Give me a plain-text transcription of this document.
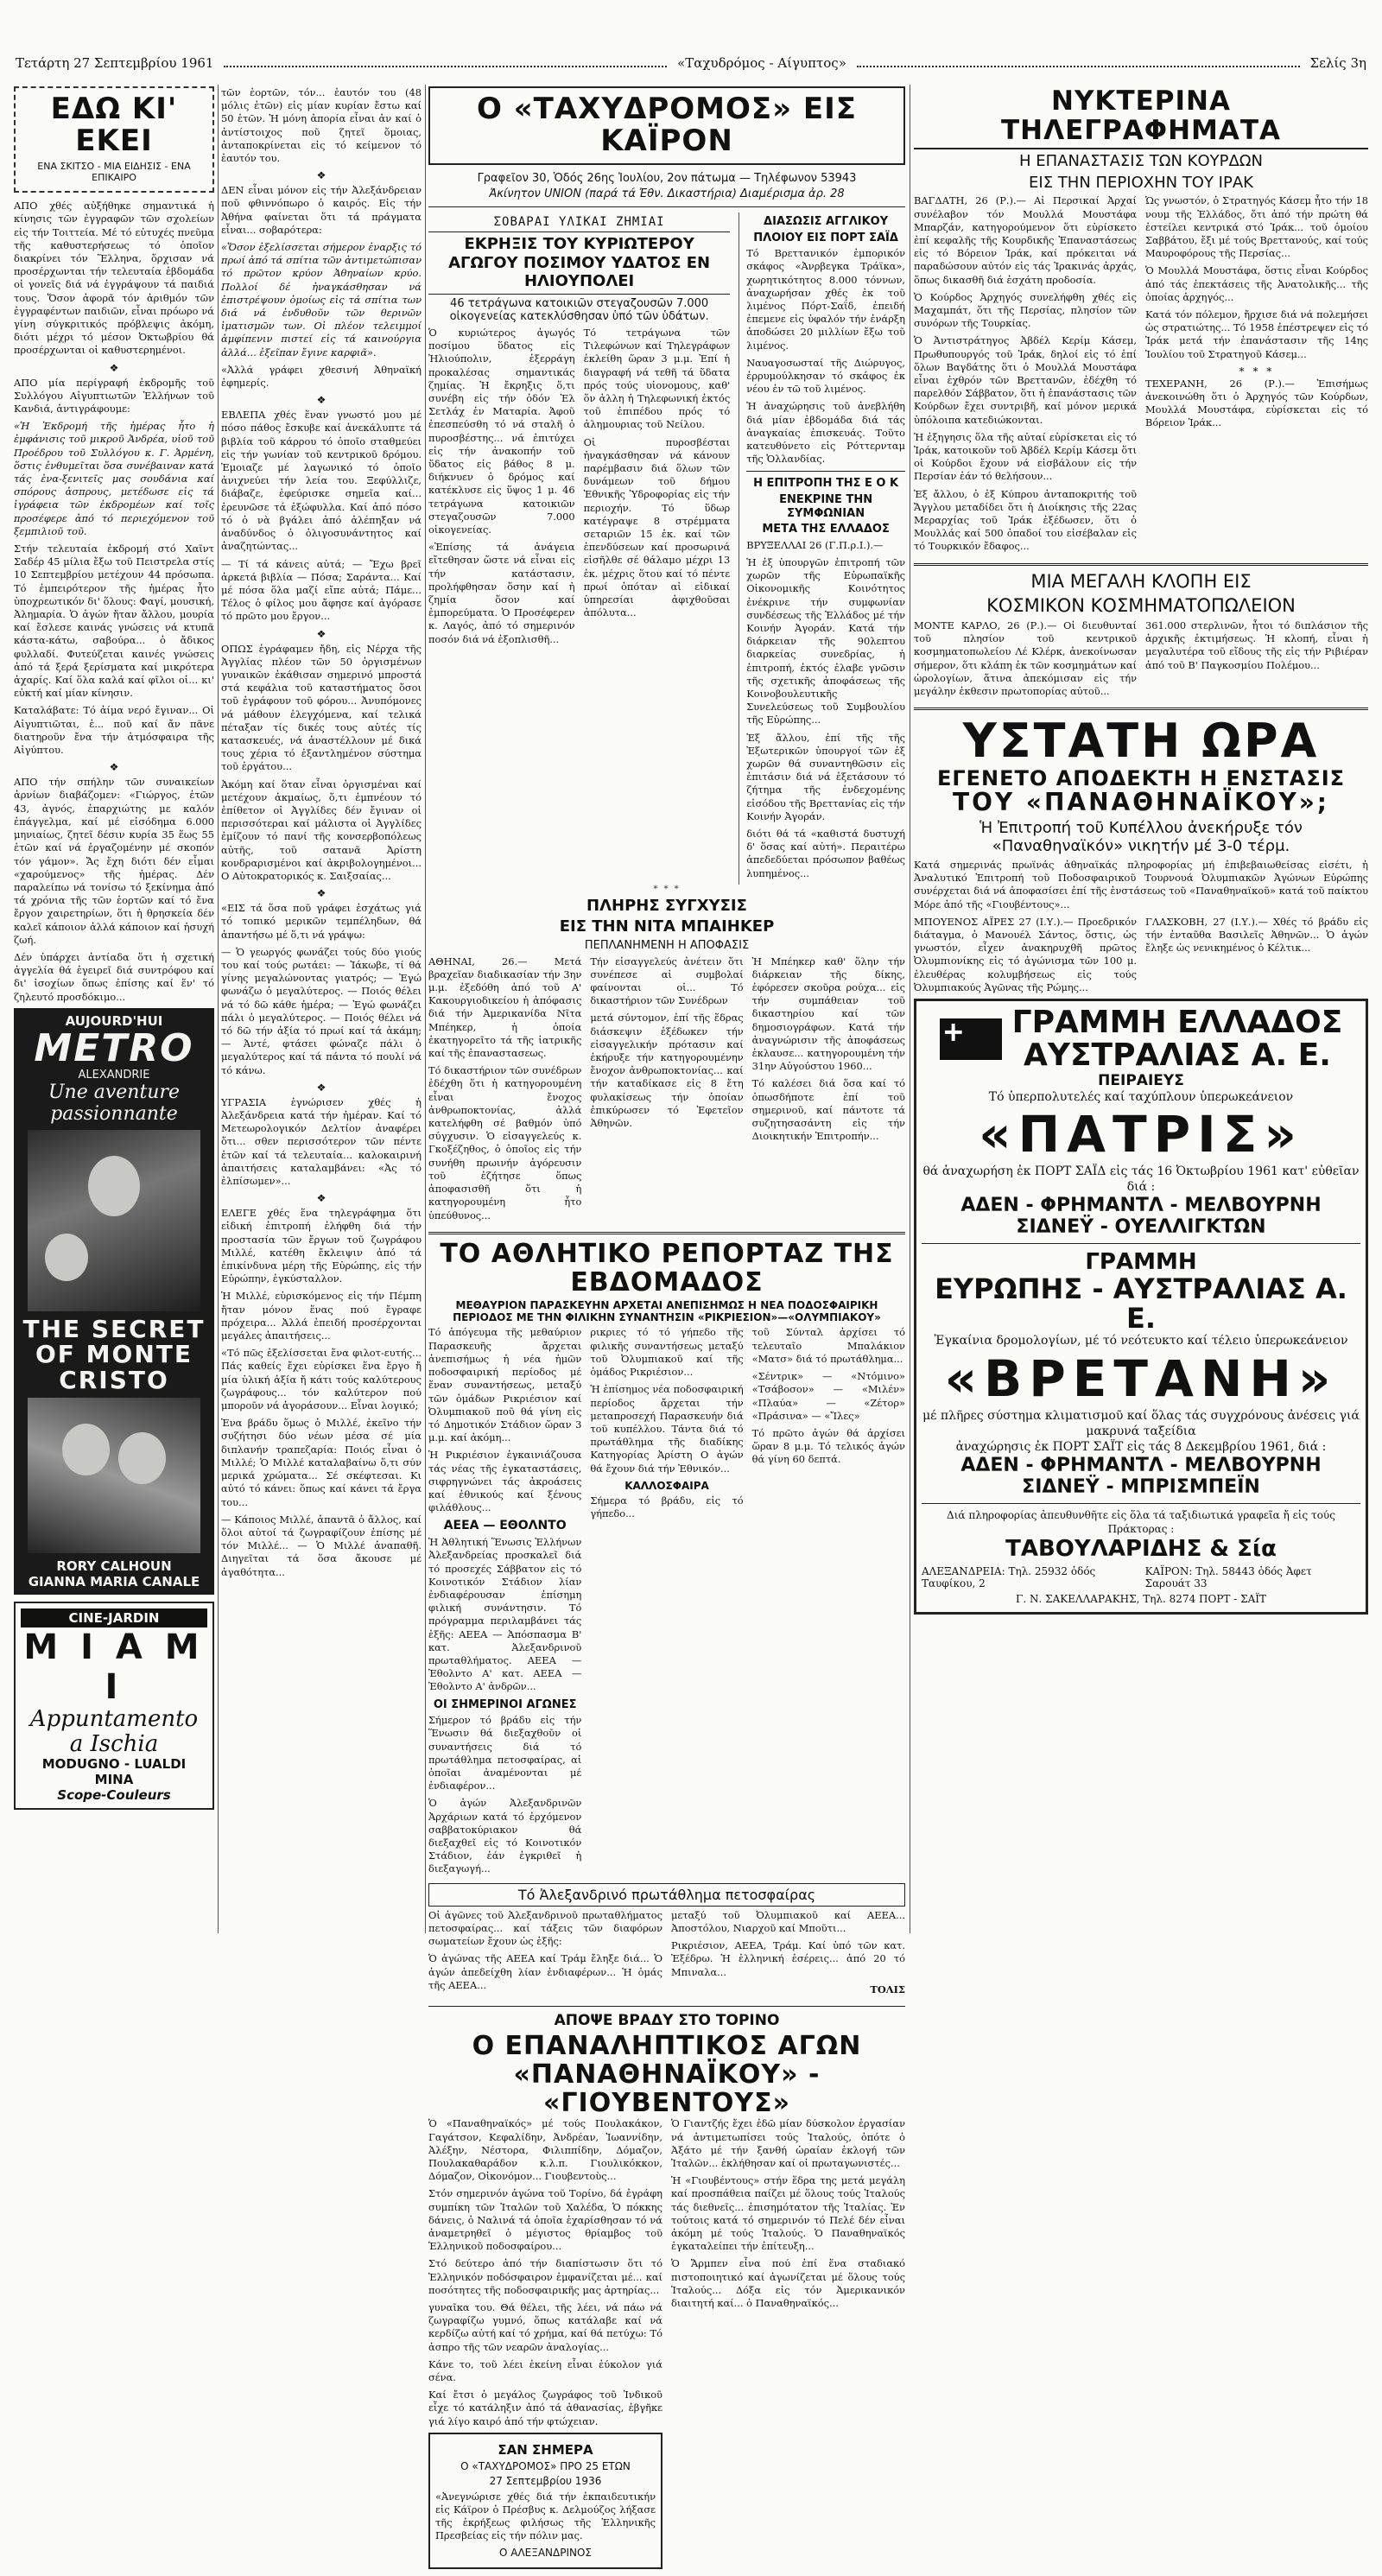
Τετάρτη 27 Σεπτεμβρίου 1961	«Ταχυδρόμος - Αίγυπτος»	Σελίς 3η
ΕΔΩ ΚΙ' ΕΚΕΙ
ΕΝΑ ΣΚΙΤΣΟ - ΜΙΑ ΕΙΔΗΣΙΣ - ΕΝΑ ΕΠΙΚΑΙΡΟ

ΑΠΟ χθές αὐξήθηκε σημαντικά ἡ κίνησις τῶν ἐγγραφῶν τῶν σχολείων εἰς τήν Τοιττεία. Μέ τό εὐτυχές πνεῦμα τῆς καθυστερήσεως τό ὁποῖον διακρίνει τόν Ἕλληνα, ὅρχισαν νά προσέρχωνται τήν τελευταία ἑβδομάδα οἱ γονεῖς διά νά ἐγγράψουν τά παιδιά τους. Ὅσον ἀφορᾶ τόν ἀριθμόν τῶν ἐγγραφέντων παιδιῶν, εἶναι πρόωρο νά γίνη σύγκριτικός πρόβλεψις ἀκόμη, διότι μέχρι τό μέσον Ὀκτωβρίου θά προσέρχωνται οἱ καθυστερημένοι.

❖

ΑΠΟ μία περίγραφή ἐκδρομῆς τοῦ Συλλόγου Αἰγυπτιωτῶν Ἑλλήνων τοῦ Κανδιά, ἀντιγράφουμε:

«Ἡ Ἐκδρομή τῆς ἡμέρας ἦτο ἡ ἐμφάνισις τοῦ μικροῦ Ἀνδρέα, υἱοῦ τοῦ Προέδρου τοῦ Συλλόγου κ. Γ. Ἀρμένη, ὅστις ἐνθυμεῖται ὅσα συνέβαιναν κατά τάς ἐνα-ξενιτεῖς μας σουδάνια καί σπόρους ἀσπρους, μετέδωσε εἰς τά ἱγράφεια τῶν ἐκδρομέων καί τοῖς προσέφερε ἀπό τό περιεχόμενον τοῦ ξεμπιλιοῦ τοῦ.

Στήν τελευταία ἐκδρομή στό Χαῖντ Σαδέρ 45 μίλια ἔξω τοῦ Πειστρελα στίς 10 Σεπτεμβρίου μετέχουν 44 πρόσωπα. Τό ἐμπειρότερον τῆς ἡμέρας ἦτο ὑποχρεωτικόν δι' ὅλους: Φαγί, μουσική, Ἀλημαρία. Ὁ ἀγών ἤταν ἄλλου, μουρία καί ἔσλεσε καινάς γνώσεις νά κτυπᾶ κάστα-κάτω, σαβούρα... ὁ ἄδικος φυλλαδί. Φυτεύζεται καινές γνώσεις ἀπό τά ξερά ξερίσματα καί μικρότερα ἀχαρίς. Καί ὅλα καλά καί φῖλοι οἱ... κι' εὐκτή καί μίαν κίνησιν.

Καταλάβατε: Τό ἀίμα νερό ἔγιναν... Οἱ Αἰγυπτιῶται, ἐ... ποῦ καί ἄν πᾶνε διατηροῦν ἔνα τήν ἀτμόσφαιρα τῆς Αἰγύπτου.

❖

ΑΠΟ τήν σπήλην τῶν συναικείων ἀρνίων διαβάζομεν: «Γιώργος, ἐτῶν 43, ἀγνός, ἐπαρχιώτης με καλόν ἐπάγγελμα, καί μέ εἰσόδημα 6.000 μηνιαίως, ζητεῖ δέσιν κυρία 35 ἕως 55 ἐτῶν καί νά ἐργαζομένην μέ σκοπόν τόν γάμον». Ἄς ἔχη διότι δέν εἶμαι «χαρούμενος» τῆς ἡμέρας. Δέν παραλείπω νά τονίσω τό ξεκίνημα ἀπό τά χρόνια τῆς τῶν ἑορτῶν καί τό ἔνα ἔργον χαιρετηρίων, ὅτι ἡ θρησκεία δέν καλεῖ κάποιον ἀλλά κάποιον καί ἡσυχή ζωή.

Δέν ὑπάρχει ἀντίαδα ὅτι ἡ σχετική ἀγγελία θά ἐγειρεῖ διά συντρόφου καί δι' ἰσοχίων ὅπως ἐπίσης καί ἕν' τό ζηλευτό προσδόκιμο...

AUJOURD'HUI
METRO
ALEXANDRIE
Une aventure passionnante
THE SECRET OF MONTE CRISTO
RORY CALHOUN
GIANNA MARIA CANALE
CINE-JARDIN
M I A M I
Appuntamento a Ischia
MODUGNO - LUALDI
MINA
Scope-Couleurs

τῶν ἑορτῶν, τόν... ἑαυτόν του (48 μόλις ἐτῶν) εἰς μίαν κυρίαν ἔστω καί 50 ἐτῶν. Ἡ μόνη ἀπορία εἶναι ἀν καί ὁ ἀντίστοιχος ποῦ ζητεῖ ὅμοιας, ἀνταποκρίνεται εἰς τό κείμενον τό ἑαυτόν του.

❖

ΔΕΝ εἶναι μόνον εἰς τήν Ἀλεξάνδρειαν ποῦ φθιννόπωρο ὁ καιρός. Εἰς τήν Ἀθήνα φαίνεται ὅτι τά πράγματα εἶναι... σοβαρότερα:

«Ὅσον ἐξελίσσεται σήμερον ἐναρξις τό πρωί ἀπό τά σπίτια τῶν ἀντιμετώπισαν τό πρῶτον κρύον Ἀθηναίων κρύο. Πολλοί δέ ἠναγκάσθησαν νά ἐπιστρέψουν ὁμοίως εἰς τά σπίτια των διά νά ἐνδυθοῦν τῶν θερινῶν ἱματισμῶν των. Οἱ πλέον τελειμμοί ἀμφίπενιν πιστεί εἰς τά καινούργια ἀλλά... ἐξεῖπαν ἔγινε καρφιᾶ».

«Ἀλλά γράφει χθεσινή Ἀθηναϊκή ἐφημερίς.

❖

ΕΒΛΕΠΑ χθές ἕναν γνωστό μου μέ πόσο πάθος ἔσκυβε καί ἀνεκάλυπτε τά βιβλία τοῦ κάρρου τό ὁποῖο σταθμεύει εἰς τήν γωνίαν τοῦ κεντρικοῦ δρόμου. Ἐμοιαζε μέ λαγωνικό τό ὁποῖο ἀνιχνεύει τήν λεία του. Ξεφύλλιζε, διάβαζε, ἐφεύρισκε σημεῖα καί... ἐρευνῶσε τά ἐξώφυλλα. Καί ἀπό πόσο τό ὀ νὰ βγάλει ἀπό ἀλέπηξαν νά ἀναδύνδος ὁ ὀλιγοσυνάντητος καί ἀναζητώντας...

— Τί τά κάνεις αὐτά; — Ἔχω βρεῖ ἀρκετά βιβλία — Πόσα; Σαράντα... Καί μέ πόσα ὅλα μαζί εἴπε αὐτά; Πάμε... Τέλος ὁ φίλος μου ἄφησε καί ἀγόρασε τό πρῶτο μου ἔργον...

❖

ΟΠΩΣ ἐγράφαμεν ἤδη, εἰς Νέρχα τῆς Ἀγγλίας πλέον τῶν 50 ὀργισμένων γυναικῶν ἐκάθισαν σημερινό μπροστά στά κεφάλια τοῦ καταστήματος ὅσοι τοῦ ἐγράφουν τοῦ φόρου... Ἀνυπόμονες νά μάθουν ἐλεγχόμενα, καί τελικά πέταξαν τίς δικές τους αὐτές τίς κατασκευές, νά ἀναστέλλουν μέ δικά τους χέρια τό ἐξαντλημένον σύστημα τοῦ ἐργάτου...

Ἀκόμη καί ὅταν εἶναι ὀργισμέναι καί μετέχουν ἀκμαίως, ὅ,τι ἐμπνέουν τό ἐπίθετον οἱ Ἀγγλίδες δέν ἔγιναν οἱ περισσότεραι καί μάλιστα οἱ Ἀγγλίδες ἐμίζουν τό πανί τῆς κονσερβοπόλεως αὐτῆς, τοῦ σατανᾶ Ἀρίστη κονδραρισμένοι καί ἀκριβολογημένοι... Ο Αὐτοκρατορικός κ. Σαιξσαίας...

❖

«ΕΙΣ τά ὅσα ποῦ γράφει ἐσχάτως γιά τό τοπικό μερικῶν τεμπέληδων, θά ἀπαντήσω μέ ὅ,τι νά γράψω:

— Ὁ γεωργός φωνάζει τούς δύο γιούς του καί τούς ρωτάει: — Ἰάκωβε, τί θά γίνης μεγαλώνοντας γιατρός; — Ἐγώ φωνάζω ὁ μεγαλύτερος. — Ποιός θέλει νά τό δῶ κάθε ἡμέρα; — Ἐγώ φωνάζει πάλι ὁ μεγαλύτερος. — Ποιός θέλει νά τό δῶ τήν ἀξία τό πρωί καί τά ἀκάμη; — Ἀντέ, φτάσει φώναζε πάλι ὁ μεγαλύτερος καί τά πάντα τό πουλί νά τό κάνω.

❖

ΥΓΡΑΣΙΑ ἐγνώρισεν χθές ἡ Ἀλεξάνδρεια κατά τήν ἡμέραν. Καί τό Μετεωρολογικόν Δελτίον ἀναφέρει ὅτι... σθεν περισσότερον τῶν πέντε ἐτῶν καί τά τελευταία... καλοκαιρινή ἀπαιτήσεις καταλαμβάνει: «Ἀς τό ἐλπίσωμεν»...

❖

ΕΛΕΓΕ χθές ἕνα τηλεγράφημα ὅτι εἰδική ἐπιτροπή ἐλήφθη διά τήν προστασία τῶν ἔργων τοῦ ζωγράφου Μιλλέ, κατέθη ἔκλειψιν ἀπό τά ἐπικίνδυνα μέρη τῆς Εὐρώπης, εἰς τήν Εὐρώπην, ἐγκύσταλλον.

Ἡ Μιλλέ, εὑρισκόμενος εἰς τήν Πέμπη ἤταν μόνον ἕνας πού ἔγραφε πρόχειρα... Ἀλλά ἐπειδή προσέρχονται μεγάλες ἀπαιτήσεις...

«Τό πῶς ἐξελίσσεται ἕνα φιλοτ-ευτής... Πάς καθείς ἔχει εὑρίσκει ἕνα ἔργο ἤ μία ὑλική ἀξία ἤ κάτι τούς καλύτερους ζωγράφους... τόν καλύτερον πού μποροῦν νά ἀγοράσουν... Εἶναι λογικό;

Ἐνα βράδυ ὅμως ὁ Μιλλέ, ἐκεῖνο τήν συζήτησι δύο νέων μέσα σέ μία διπλανήν τραπεζαρία: Ποιός εἶναι ὁ Μιλλέ; Ὁ Μιλλέ καταλαβαίνω ὅ,τι σύν μερικά χρώματα... Σέ σκέφτεσαι. Κι αὐτό τό κάνει: ὅπως καί κάνει τά ἔργα του...

— Κάποιος Μιλλέ, ἀπαντᾶ ὁ ἄλλος, καί ὅλοι αὐτοί τά ζωγραφίζουν ἐπίσης μέ τόν Μιλλέ... — Ὁ Μιλλέ ἀναπαθῆ. Διηγεῖται τά ὅσα ἄκουσε μέ ἀγαθότητα...

Ο «ΤΑΧΥΔΡΟΜΟΣ» ΕΙΣ ΚΑΪΡΟΝ
Γραφεῖον 30, Ὁδός 26ης Ἰουλίου, 2ον πάτωμα — Τηλέφωνον 53943
Ἀκίνητον UNION (παρά τά Ἐθν. Δικαστήρια) Διαμέρισμα ἀρ. 28
ΣΟΒΑΡΑΙ ΥΛΙΚΑΙ ΖΗΜΙΑΙ
ΕΚΡΗΞΙΣ ΤΟΥ ΚΥΡΙΩΤΕΡΟΥ ΑΓΩΓΟΥ ΠΟΣΙΜΟΥ ΥΔΑΤΟΣ ΕΝ ΗΛΙΟΥΠΟΛΕΙ
46 τετράγωνα κατοικιῶν στεγαζουσῶν 7.000 οἰκογενείας κατεκλύσθησαν ὑπό τῶν ὑδάτων.

Ὁ κυριώτερος ἀγωγός ποσίμου ὕδατος εἰς Ἠλιούπολιν, ἐξερράγη προκαλέσας σημαντικάς ζημίας. Ἡ ἔκρηξις ὅ,τι συνέβη εἰς τήν ὁδόν Ἐλ Σετλάχ ἐν Ματαρία. Ἀφοῦ ἐπεσπεύσθη τό νά σταλῆ ὁ πυροσβέστης... νά ἐπιτύχει εἰς τήν ἀνακοπήν τοῦ ὕδατος εἰς βάθος 8 μ. διήκνυεν ὁ δρόμος καί κατέκλυσε εἰς ὕψος 1 μ. 46 τετράγωνα κατοικιῶν στεγαζουσῶν 7.000 οἰκογενείας.

«Ἐπίσης τά ἀνάγεια εἴτεθησαν ὥστε νά εἶναι εἰς τήν κατάστασιν, προλήφθησαν ὅσην καί ἡ ζημία ὅσον καί ἐμπορεύματα. Ὁ Προσέφερεν κ. Λαγός, ἀπό τό σημερινόν ποσόν διά νά ἐξοπλισθῆ...

Τό τετράγωνα τῶν Τιλεφώνων καί Τηλεγράφων ἐκλείθη ὥραν 3 μ.μ. Ἐπί ἡ διαγραφή νά τεθῆ τά ὕδατα πρός τούς υἱονομους, καθ' ὅν ἀλλη ἡ Τηλεφωνική ἐκτός τοῦ ἐπιπέδου πρός τό ἀλημουριας τοῦ Νείλου.

Οἱ πυροσβέσται ἠναγκάσθησαν νά κάνουν παρέμβασιν διά ὅλων τῶν δυνάμεων τοῦ δήμου Ἐθνικῆς Ὑδροφορίας εἰς τήν περιοχήν. Τό ὕδωρ κατέγραψε 8 στρέμματα σεταριῶν 15 ἐκ. καί τῶν ἐπενδύσεων καί προσωρινά εἰσῆλθε σέ θάλαμο μέχρι 13 ἐκ. μέχρις ὅτου καί τό πέντε πρωί ὁπόταν αἱ εἰδικαί ὑπηρεσίαι ἀφιχθοῦσαι ἀπόλυτα...

ΔΙΑΣΩΣΙΣ ΑΓΓΛΙΚΟΥ
ΠΛΟΙΟΥ ΕΙΣ ΠΟΡΤ ΣΑΪΔ

Τό Βρεττανικόν ἐμπορικόν σκάφος «Ἀνρβεγκα Τράϊκα», χωρητικότητος 8.000 τόννων, ἀναχωρήσαν χθές ἐκ τοῦ λιμένος Πόρτ-Σαΐδ, ἐπειδή ἐπεμενε εἰς ὑφαλόν τήν ἐνάρξη ἀποδώσει 20 μιλλίων ἔξω τοῦ λιμένος.

Ναυαγοσωσταί τῆς Διώρυγος, ἐρρυμούλκησαν τό σκάφος ἐκ νέου ἐν τῶ τοῦ λιμένος.

Ἡ ἀναχώρησις τοῦ ἀνεβλήθη διά μίαν ἑβδομάδα διά τάς ἀναγκαίας ἐπισκευάς. Τοῦτο κατευθύνετο εἰς Ρόττερνταμ τῆς Ὁλλανδίας.

Η ΕΠΙΤΡΟΠΗ ΤΗΣ Ε Ο Κ
ΕΝΕΚΡΙΝΕ ΤΗΝ ΣΥΜΦΩΝΙΑΝ
ΜΕΤΑ ΤΗΣ ΕΛΛΑΔΟΣ

ΒΡΥΞΕΛΛΑΙ 26 (Γ.Π.ρ.Ι.).—

Ἡ ἐξ ὑπουργῶν ἐπιτροπή τῶν χωρῶν τῆς Εὐρωπαϊκῆς Οἰκονομικῆς Κοινότητος ἐνέκρινε τήν συμφωνίαν συνδέσεως τῆς Ἑλλάδος μέ τήν Κοινήν Ἀγοράν. Κατά τήν διάρκειαν τῆς 90λεπτου διαρκείας συνεδρίας, ἡ ἐπιτροπή, ἐκτός ἐλαβε γνῶσιν τῆς σχετικῆς ἀποφάσεως τῆς Κοινοβουλευτικῆς Συνελεύσεως τοῦ Συμβουλίου τῆς Εὐρώπης...

Ἐξ ἄλλου, ἐπί τῆς τῆς Ἐξωτερικῶν ὑπουργοί τῶν ἐξ χωρῶν θά συναντηθῶσιν εἰς ἐπιτάσιν διά νά ἐξετάσουν τό ζήτημα τῆς ἐνδεχομένης εἰσόδου τῆς Βρεττανίας εἰς τήν Κοινήν Ἀγοράν.

διότι θά τά «καθιστά δυστυχή δ' ὅσας καί αὐτή». Περαιτέρω ἀπεδεδύεται πρόσωπον βαθέως λυπημένος...

* * *
ΠΛΗΡΗΣ ΣΥΓΧΥΣΙΣ
ΕΙΣ ΤΗΝ ΝΙΤΑ ΜΠΑΙΗΚΕΡ
ΠΕΠΛΑΝΗΜΕΝΗ Η ΑΠΟΦΑΣΙΣ

ΑΘΗΝΑΙ, 26.— Μετά βραχεῖαν διαδικασίαν τήν 3ην μ.μ. ἐξεδόθη ἀπό τοῦ Α' Κακουργιοδικείου ἡ ἀπόφασις διά τήν Ἀμερικανίδα Νῖτα Μπέηκερ, ἡ ὁποία ἐκατηγορεῖτο τά τῆς ἱατρικῆς καί τῆς ἐπαναστασεως.

Τό δικαστήριον τῶν συνέδρων ἐδέχθη ὅτι ἡ κατηγορουμένη εἶναι ἔνοχος ἀνθρωποκτονίας, ἀλλά κατελήφθη σέ βαθμόν ὑπό σύγχυσιν. Ὁ εἰσαγγελεύς κ. Γκοξέζηθος, ὁ ὁποῖος εἰς τήν συνήθη πρωινήν ἀγόρευσιν τοῦ ἐζήτησε ὅπως ἀποφασισθῆ ὅτι ἡ κατηγορουμένη ἦτο ὑπεύθυνος...

Τήν εἰσαγγελεύς ἀνέτειν ὅτι συνέπεσε αἰ συμβολαί φαίνονται οἱ... Τό δικαστήριον τῶν Συνέδρων

μετά σύντομον, ἐπί τῆς ἕδρας διάσκεψιν ἐξέδωκεν τήν εἰσαγγελικήν πρότασιν καί ἐκήρυξε τήν κατηγορουμένην ἔνοχον ἀνθρωποκτονίας... καί τήν καταδίκασε εἰς 8 ἔτη φυλακίσεως τήν ὁποίαν ἐπικύρωσεν τό Ἐφετεῖον Ἀθηνῶν.

Ἡ Μπέηκερ καθ' ὅλην τήν διάρκειαν τῆς δίκης, ἐφόρεσεν σκοῦρα ρούχα... εἰς τήν συμπάθειαν τοῦ δικαστηρίου καί τῶν δημοσιογράφων. Κατά τήν ἀναγνώρισιν τῆς ἀποφάσεως ἐκλαυσε... κατηγορουμένη τήν 31ην Αὐγούστου 1960...

Τό καλέσει διά ὅσα καί τό ὁπωσδήποτε ἐπί τοῦ σημερινοῦ, καί πάντοτε τά συζητησασάντη εἰς τήν Διοικητικήν Ἐπιτροπήν...

ΤΟ ΑΘΛΗΤΙΚΟ ΡΕΠΟΡΤΑΖ ΤΗΣ ΕΒΔΟΜΑΔΟΣ
ΜΕΘΑΥΡΙΟΝ ΠΑΡΑΣΚΕΥΗΝ ΑΡΧΕΤΑΙ ΑΝΕΠΙΣΗΜΩΣ Η ΝΕΑ ΠΟΔΟΣΦΑΙΡΙΚΗ ΠΕΡΙΟΔΟΣ ΜΕ ΤΗΝ ΦΙΛΙΚΗΝ ΣΥΝΑΝΤΗΣΙΝ «ΡΙΚΡΙΕΣΙΟΝ»—«ΟΛΥΜΠΙΑΚΟΥ»

Τό ἀπόγευμα τῆς μεθαύριον Παρασκευῆς ἄρχεται ἀνεπισήμως ἡ νέα ἡμῶν ποδοσφαιρική περίοδος μέ ἕναν συναντήσεως, μεταξύ τῶν ὁμάδων Ρικριέσιον καί Ὀλυμπιακοῦ ποῦ θά γίνη εἰς τό Δημοτικόν Στάδιον ὥραν 3 μ.μ. καί ἀκόμη...

Ἡ Ρικριέσιον ἐγκαινιάζουσα τάς νέας τῆς ἐγκαταστάσεις, σιφρηγνώνει τάς ἀκροάσεις καί ἐθνικούς καί ξένους φιλάθλους...

ΑΕΕΑ — ΕΘΟΛΝΤΟ

Ἡ Ἀθλητική Ἕνωσις Ἑλλήνων Ἀλεξανδρείας προσκαλεῖ διά τό προσεχές Σάββατον εἰς τό Κοινοτικόν Στάδιον λίαν ἐνδιαφέρουσαν ἐπίσημη φιλική συνάντησιν. Τό πρόγραμμα περιλαμβάνει τάς ἑξῆς: ΑΕΕΑ — Ἀπόσπασμα Β' κατ. Ἀλεξανδρινοῦ πρωταθλήματος. ΑΕΕΑ — Ἐθολντο Α' κατ. ΑΕΕΑ — Ἐθολντο Α' ἀνδρῶν...

ΟΙ ΣΗΜΕΡΙΝΟΙ ΑΓΩΝΕΣ

Σήμερον τό βράδυ εἰς τήν Ἕνωσιν θά διεξαχθοῦν οἱ συναντήσεις διά τό πρωτάθλημα πετοσφαίρας, αἱ ὁποῖαι ἀναμένονται μέ ἐνδιαφέρον...

Ὁ ἀγών Ἀλεξανδρινῶν Ἀρχάριων κατά τό ἐρχόμενον σαββατοκύριακον θά διεξαχθεῖ εἰς τό Κοινοτικόν Στάδιον, ἐάν ἐγκριθεῖ ἡ διεξαγωγή...

ρικριες τό τό γήπεδο τῆς φιλικῆς συναντήσεως μεταξύ τοῦ Ὀλυμπιακοῦ καί τῆς ὁμάδος Ρικριέσιον...

Ἡ ἐπίσημος νέα ποδοσφαιρική περίοδος ἄρχεται τήν μεταπροσεχή Παρασκευήν διά τοῦ κυπέλλου. Τάντα διά τό πρωτάθλημα τῆς διαδίκης Κατηγορίας Ἀρίστη Ο ἀγών θά ἔχουν διά τήν Ἐθνικόν...

ΚΑΛΛΟΣΦΑΙΡΑ

Σήμερα τό βράδυ, εἰς τό γήπεδο...

τοῦ Σύνταλ ἀρχίσει τό τελευταῖο Μπαλάκιον «Ματσ» διά τό πρωτάθλημα...

«Σέντρικ» — «Ντόμινο» «Τσάβοσον» — «Μιλέν» «Πλαύα» — «Ζέτορ» «Πράσινα» — «Ἴλες»

Τό πρῶτο ἀγών θά ἀρχίσει ὥραν 8 μ.μ. Τό τελικός ἀγών θά γίνη 60 δεπτά.

Τό Ἀλεξανδρινό πρωτάθλημα πετοσφαίρας

Οἱ ἀγῶνες τοῦ Ἀλεξανδρινοῦ πρωταθλήματος πετοσφαίρας... καί τάξεις τῶν διαφόρων σωματείων ἔχουν ὡς ἑξῆς:

Ὁ ἀγώνας τῆς ΑΕΕΑ καί Τράμ ἔληξε διά... Ὁ ἀγών ἀπεδείχθη λίαν ἐνδιαφέρων... Ἡ ὁμάς τῆς ΑΕΕΑ...

μεταξύ τοῦ Ὀλυμπιακοῦ καί ΑΕΕΑ... Ἀποστόλου, Νιαρχοῦ καί Μποῦτι...

Ρικριέσιον, ΑΕΕΑ, Τράμ. Καί ὑπό τῶν κατ. Ἐξέδρω. Ἡ ἑλληνική ἐσέρεις... ἀπό 20 τό Μπιναλα...

ΤΟΛΙΣ

ΑΠΟΨΕ ΒΡΑΔΥ ΣΤΟ ΤΟΡΙΝΟ
Ο ΕΠΑΝΑΛΗΠΤΙΚΟΣ ΑΓΩΝ
«ΠΑΝΑΘΗΝΑΪΚΟΥ» - «ΓΙΟΥΒΕΝΤΟΥΣ»

Ὁ «Παναθηναϊκός» μέ τούς Πουλακάκον, Γαγάτσον, Κεφαλίδην, Ἀνδρέαν, Ἰωαννίδην, Ἀλέξην, Νέστορα, Φιλιππίδην, Δόμαζον, Πουλακαθαράδον κ.λ.π. Γιουλικόκκον, Δόμαζον, Οἰκονόμον... Γιουβεντοὺς...

Στόν σημερινόν ἀγώνα τοῦ Τορίνο, δά ἐγράφη συμπίκη τῶν Ἰταλῶν τοῦ Χαλέδα, Ὁ πόκκης δάνεις, ὁ Ναλινά τά ὁποῖα ἐχαρίσθησαν τό νά ἀναμετρηθεῖ ὁ μέγιστος θρίαμβος τοῦ Ἑλληνικοῦ ποδοσφαίρου...

Στό δεύτερο ἀπό τήν διαπίστωσιν ὅτι τό Ἑλληνικόν ποδόσφαιρον ἐμφανίζεται μέ... καί ποσότητες τῆς ποδοσφαιρικῆς μας ἀρτηρίας...

γυναῖκα του. Θά θέλει, τῆς λέει, νά πάω νά ζωγραφίζω γυμνό, ὅπως κατάλαβε καί νά κερδίζω αὐτή καί τό χρήμα, καί θά πετύχω: Τό ἀσπρο τῆς τῶν νεαρῶν ἀναλογίας...

Κάνε το, τοῦ λέει ἐκείνη εἶναι ἐύκολον γιά σένα.

Καί ἔτσι ὁ μεγάλος ζωγράφος τοῦ Ἰνδικοῦ εἶχε τό κατάληξιν ἀπό τά ἀθανασίας, ἐβγῆκε γιά λίγο καιρό ἀπό τήν φτώχειαν.

ΣΑΝ ΣΗΜΕΡΑ
Ο «ΤΑΧΥΔΡΟΜΟΣ» ΠΡΟ 25 ΕΤΩΝ
27 Σεπτεμβρίου 1936

«Ἀνεγνώρισε χθές διά τήν ἐκπαιδευτικήν εἰς Κάϊρον ὁ Πρέσβυς κ. Δελμούζος λήξασε τῆς ἐκρήξεως φιλήσως τῆς Ἑλληνικῆς Πρεσβείας εἰς τήν πόλιν μας.

Ο ΑΛΕΞΑΝΔΡΙΝΟΣ

Ὁ Γιαντζής ἔχει ἐδῶ μίαν δύσκολον ἐργασίαν νά ἀντιμετωπίσει τούς Ἰταλούς, ὁπότε ὁ Ἀξάτο μέ τήν ξανθή ὡραίαν ἐκλογή τῶν Ἰταλῶν... ἐκλήθησαν καί οἱ πρωταγωνιστές...

Ἡ «Γιουβέντους» στήν ἕδρα της μετά μεγάλη καί προσπάθεια παίζει μέ ὅλους τούς Ἰταλούς τάς διεθνεῖς... ἐπισημότατον τῆς Ἰταλίας. Ἐν τούτοις κατά τό σημερινόν τό Πελέ δέν εἶναι ἀκόμη μέ τούς Ἰταλούς. Ὁ Παναθηναϊκός ἐγκαταλείπει τήν ἐπίτευξη...

Ὁ Ἄρμπεν εἶνα πού ἐπί ἕνα σταδιακό πιστοποιητικό καί ἀγωνίζεται μέ ὅλους τούς Ἰταλούς... Δόξα εἰς τόν Ἀμερικανικόν διαιτητή καί... ὁ Παναθηναϊκός...

ΝΥΚΤΕΡΙΝΑ ΤΗΛΕΓΡΑΦΗΜΑΤΑ
Η ΕΠΑΝΑΣΤΑΣΙΣ ΤΩΝ ΚΟΥΡΔΩΝ
ΕΙΣ ΤΗΝ ΠΕΡΙΟΧΗΝ ΤΟΥ ΙΡΑΚ

ΒΑΓΔΑΤΗ, 26 (Ρ.).— Αἱ Περσικαί Ἀρχαί συνέλαβον τόν Μουλλά Μουστάφα Μπαρζάν, κατηγορούμενον ὅτι εὑρίσκετο ἐπί κεφαλῆς τῆς Κουρδικῆς Ἐπαναστάσεως εἰς τό Βόρειον Ἰράκ, καί πρόκειται νά παραδώσουν αὐτόν εἰς τάς Ἰρακινάς ἀρχάς, ὅπως δικασθῆ διά ἐσχάτη προδοσία.

Ὁ Κούρδος Ἀρχηγός συνελήφθη χθές εἰς Μαχαμπάτ, ὅτι τῆς Περσίας, πλησίον τῶν συνόρων τῆς Τουρκίας.

Ὁ Ἀντιστράτηγος Ἀβδέλ Κερίμ Κάσεμ, Πρωθυπουργός τοῦ Ἰράκ, δηλοί εἰς τό ἐπί ὅλων Βαγδάτης ὅτι ὁ Μουλλά Μουστάφα εἶναι ἐχθρόν τῶν Βρεττανῶν, ἐδέχθη τό παρελθόν Σάββατον, ὅτι ἡ ἐπανάστασις τῶν Κούρδων ἔχει συντριβῆ, καί μόνον μερικά ὑπόλοιπα κατεδιώκονται.

Ἡ ἐξηγησις ὅλα τῆς αὐταί εὑρίσκεται εἰς τό Ἰράκ, κατοικοῦν τοῦ Ἀβδέλ Κερίμ Κάσεμ ὅτι οἱ Κούρδοι ἔχουν νά εἰσβάλουν εἰς τήν Περσίαν ἐάν τό θελήσουν...

Ἐξ ἄλλου, ὁ ἐξ Κύπρου ἀνταποκριτής τοῦ Ἄγγλου μεταδίδει ὅτι ἡ Διοίκησις τῆς 22ας Μεραρχίας τοῦ Ἰράκ ἐξέδωσεν, ὅτι ὁ Μουλλάς καί 500 ὀπαδοί του εἰσέβαλαν εἰς τό Τουρκικόν ἔδαφος...

Ὡς γνωστόν, ὁ Στρατηγός Κάσεμ ἦτο τήν 18 νουμ τῆς Ἑλλάδος, ὅτι ἀπό τήν πρώτη θά ἐστείλει κεντρικά στό Ἰράκ... τοῦ ὁμοίου Σαββάτου, ἔξι μέ τούς Βρεττανούς, καί τούς Μαυροφόρους τῆς Περσίας...

Ὁ Μουλλά Μουστάφα, ὅστις εἶναι Κούρδος ἀπό τάς ἐπεκτάσεις τῆς Ἀνατολικῆς... τῆς ὁποίας ἀρχηγός...

Κατά τόν πόλεμον, ἤρχισε διά νά πολεμήσει ὡς στρατιώτης... Τό 1958 ἐπέστρεψεν εἰς τό Ἰράκ μετά τήν ἐπανάστασιν τῆς 14ης Ἰουλίου τοῦ Στρατηγοῦ Κάσεμ...

* * *

ΤΕΧΕΡΑΝΗ, 26 (Ρ.).— Ἐπισήμως ἀνεκοινώθη ὅτι ὁ Ἀρχηγός τῶν Κούρδων, Μουλλά Μουστάφα, εὑρίσκεται εἰς τό Βόρειον Ἰράκ...

ΜΙΑ ΜΕΓΑΛΗ ΚΛΟΠΗ ΕΙΣ
ΚΟΣΜΙΚΟΝ ΚΟΣΜΗΜΑΤΟΠΩΛΕΙΟΝ

ΜΟΝΤΕ ΚΑΡΛΟ, 26 (Ρ.).— Οἱ διευθυνταί τοῦ πλησίον τοῦ κεντρικοῦ κοσμηματοπωλείου Λέ Κλέρκ, ἀνεκοίνωσαν σήμερον, ὅτι κλάπη ἐκ τῶν κοσμημάτων καί ὡρολογίων, ἅτινα ἀπεκόμισαν εἰς τήν μεγάλην ἐκθεσιν πρωτοπορίας αὐτοῦ...

361.000 στερλινῶν, ἦτοι τό διπλάσιον τῆς ἀρχικῆς ἐκτιμήσεως. Ἡ κλοπή, εἶναι ἡ μεγαλυτέρα τοῦ εἴδους τῆς εἰς τήν Ριβιέραν ἀπό τοῦ Β' Παγκοσμίου Πολέμου...

ΥΣΤΑΤΗ ΩΡΑ
ΕΓΕΝΕΤΟ ΑΠΟΔΕΚΤΗ Η ΕΝΣΤΑΣΙΣ
ΤΟΥ «ΠΑΝΑΘΗΝΑΪΚΟΥ»;
Ἡ Ἐπιτροπή τοῦ Κυπέλλου ἀνεκήρυξε τόν «Παναθηναϊκόν» νικητήν μέ 3-0 τέρμ.

Κατά σημερινάς πρωϊνάς ἀθηναϊκάς πληροφορίας μή ἐπιβεβαιωθείσας εἰσέτι, ἡ Ἀναλυτικό Ἐπιτροπή τοῦ Ποδοσφαιρικοῦ Τουρνουά Ὀλυμπιακῶν Ἀγώνων Εὐρώπης συνέρχεται διά νά ἀποφασίσει ἐπί τῆς ἐνστάσεως τοῦ «Παναθηναϊκοῦ» κατά τοῦ παίκτου Μόρε ἀπό τῆς «Γιουβέντους»...

ΜΠΟΥΕΝΟΣ ΑΪΡΕΣ 27 (Ι.Υ.).— Προεδρικόν διάταγμα, ὁ Μανουέλ Σάντος, ὅστις, ὡς γνωστόν, εἶχεν ἀνακηρυχθῆ πρῶτος Ὀλυμπιονίκης εἰς τό ἀγώνισμα τῶν 100 μ. ἐλευθέρας κολυμβήσεως εἰς τούς Ὀλυμπιακούς Ἀγῶνας τῆς Ρώμης...

ΓΛΑΣΚΟΒΗ, 27 (Ι.Υ.).— Χθές τό βράδυ εἰς τήν ἐνταῦθα Βασιλεῖς Ἀθηνῶν... Ὁ ἀγών ἔληξε ὡς νενικημένος ὁ Κέλτικ...

ΓΡΑΜΜΗ ΕΛΛΑΔΟΣ
ΑΥΣΤΡΑΛΙΑΣ Α. Ε.
ΠΕΙΡΑΙΕΥΣ
Τό ὑπερπολυτελές καί ταχύπλουν ὑπερωκεάνειον
«ΠΑΤΡΙΣ»
θά ἀναχωρήση ἐκ ΠΟΡΤ ΣΑΪΔ εἰς τάς 16 Ὀκτωβρίου 1961 κατ' εὐθεῖαν διά :
ΑΔΕΝ - ΦΡΗΜΑΝΤΛ - ΜΕΛΒΟΥΡΝΗ
ΣΙΔΝΕΫ - ΟΥΕΛΛΙΓΚΤΩΝ
ΓΡΑΜΜΗ
ΕΥΡΩΠΗΣ - ΑΥΣΤΡΑΛΙΑΣ Α. Ε.
Ἐγκαίνια δρομολογίων, μέ τό νεότευκτο καί τέλειο ὑπερωκεάνειον
«ΒΡΕΤΑΝΗ»
μέ πλῆρες σύστημα κλιματισμοῦ καί ὅλας τάς συγχρόνους ἀνέσεις γιά μακρυνά ταξείδια
ἀναχώρησις ἐκ ΠΟΡΤ ΣΑΪΤ εἰς τάς 8 Δεκεμβρίου 1961, διά :
ΑΔΕΝ - ΦΡΗΜΑΝΤΛ - ΜΕΛΒΟΥΡΝΗ
ΣΙΔΝΕΫ - ΜΠΡΙΣΜΠΕΪΝ
Διά πληροφορίας ἀπευθυνθῆτε εἰς ὅλα τά ταξιδιωτικά γραφεῖα ἤ εἰς τούς Πράκτορας :
ΤΑΒΟΥΛΑΡΙΔΗΣ & Σία
ΑΛΕΞΑΝΔΡΕΙΑ: Τηλ. 25932 ὁδός Ταυφίκου, 2
ΚΑΪΡΟΝ: Τηλ. 58443 ὁδός Ἀφετ Σαρουάτ 33
Γ. Ν. ΣΑΚΕΛΛΑΡΑΚΗΣ, Τηλ. 8274 ΠΟΡΤ - ΣΑΪΤ
